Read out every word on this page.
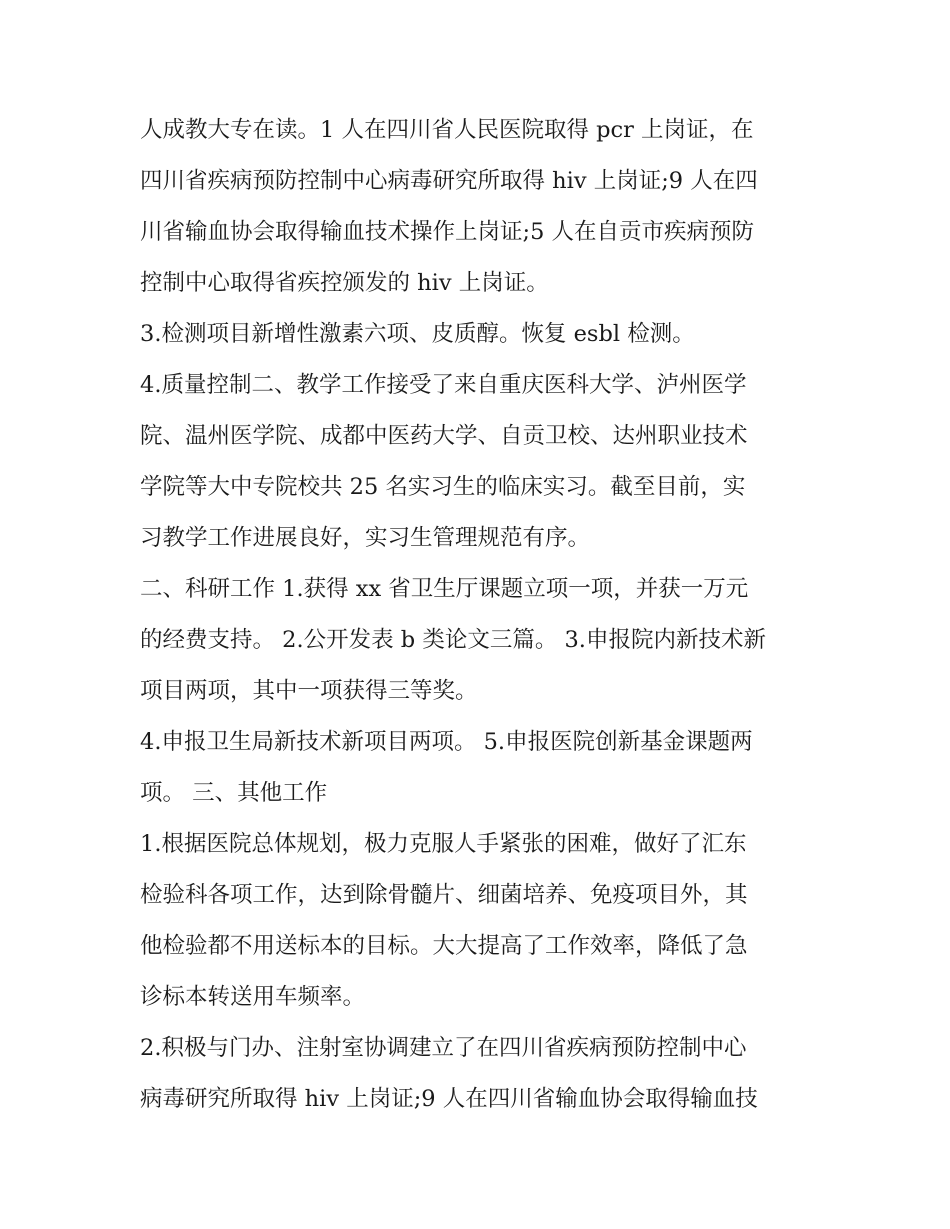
人成教大专在读。1 人在四川省人民医院取得 pcr 上岗证，在
四川省疾病预防控制中心病毒研究所取得 hiv 上岗证;9 人在四
川省输血协会取得输血技术操作上岗证;5 人在自贡市疾病预防
控制中心取得省疾控颁发的 hiv 上岗证。
3.检测项目新增性激素六项、皮质醇。恢复 esbl 检测。
4.质量控制二、教学工作接受了来自重庆医科大学、泸州医学
院、温州医学院、成都中医药大学、自贡卫校、达州职业技术
学院等大中专院校共 25 名实习生的临床实习。截至目前，实
习教学工作进展良好，实习生管理规范有序。
二、科研工作 1.获得 xx 省卫生厅课题立项一项，并获一万元
的经费支持。 2.公开发表 b 类论文三篇。 3.申报院内新技术新
项目两项，其中一项获得三等奖。
4.申报卫生局新技术新项目两项。 5.申报医院创新基金课题两
项。 三、其他工作
1.根据医院总体规划，极力克服人手紧张的困难，做好了汇东
检验科各项工作，达到除骨髓片、细菌培养、免疫项目外，其
他检验都不用送标本的目标。大大提高了工作效率，降低了急
诊标本转送用车频率。
2.积极与门办、注射室协调建立了在四川省疾病预防控制中心
病毒研究所取得 hiv 上岗证;9 人在四川省输血协会取得输血技
